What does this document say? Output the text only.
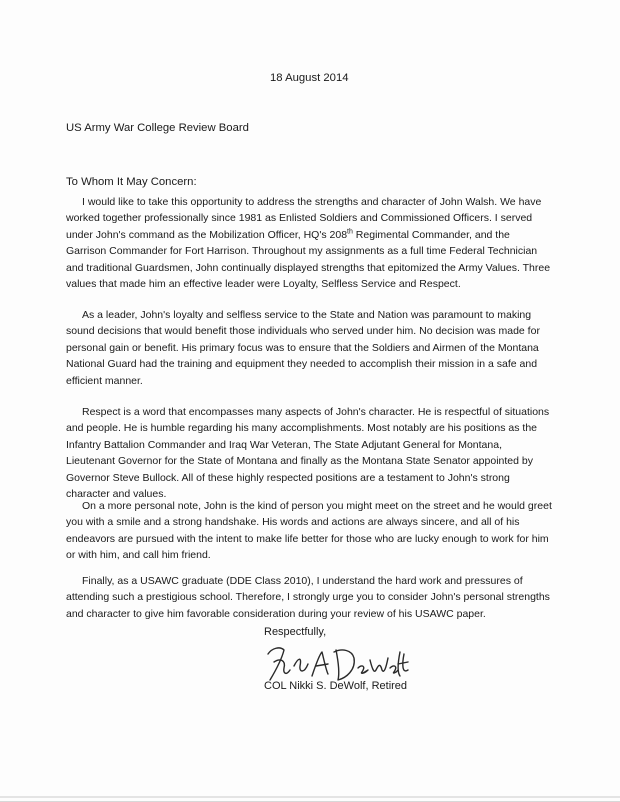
18 August 2014
US Army War College Review Board
To Whom It May Concern:

I would like to take this opportunity to address the strengths and character of John Walsh. We have worked together professionally since 1981 as Enlisted Soldiers and Commissioned Officers. I served under John's command as the Mobilization Officer, HQ's 208th Regimental Commander, and the Garrison Commander for Fort Harrison. Throughout my assignments as a full time Federal Technician and traditional Guardsmen, John continually displayed strengths that epitomized the Army Values. Three values that made him an effective leader were Loyalty, Selfless Service and Respect.

As a leader, John's loyalty and selfless service to the State and Nation was paramount to making sound decisions that would benefit those individuals who served under him. No decision was made for personal gain or benefit. His primary focus was to ensure that the Soldiers and Airmen of the Montana National Guard had the training and equipment they needed to accomplish their mission in a safe and efficient manner.

Respect is a word that encompasses many aspects of John's character. He is respectful of situations and people. He is humble regarding his many accomplishments. Most notably are his positions as the Infantry Battalion Commander and Iraq War Veteran, The State Adjutant General for Montana, Lieutenant Governor for the State of Montana and finally as the Montana State Senator appointed by Governor Steve Bullock. All of these highly respected positions are a testament to John's strong character and values.

On a more personal note, John is the kind of person you might meet on the street and he would greet you with a smile and a strong handshake. His words and actions are always sincere, and all of his endeavors are pursued with the intent to make life better for those who are lucky enough to work for him or with him, and call him friend.

Finally, as a USAWC graduate (DDE Class 2010), I understand the hard work and pressures of attending such a prestigious school. Therefore, I strongly urge you to consider John's personal strengths and character to give him favorable consideration during your review of his USAWC paper.

Respectfully,
COL Nikki S. DeWolf, Retired
